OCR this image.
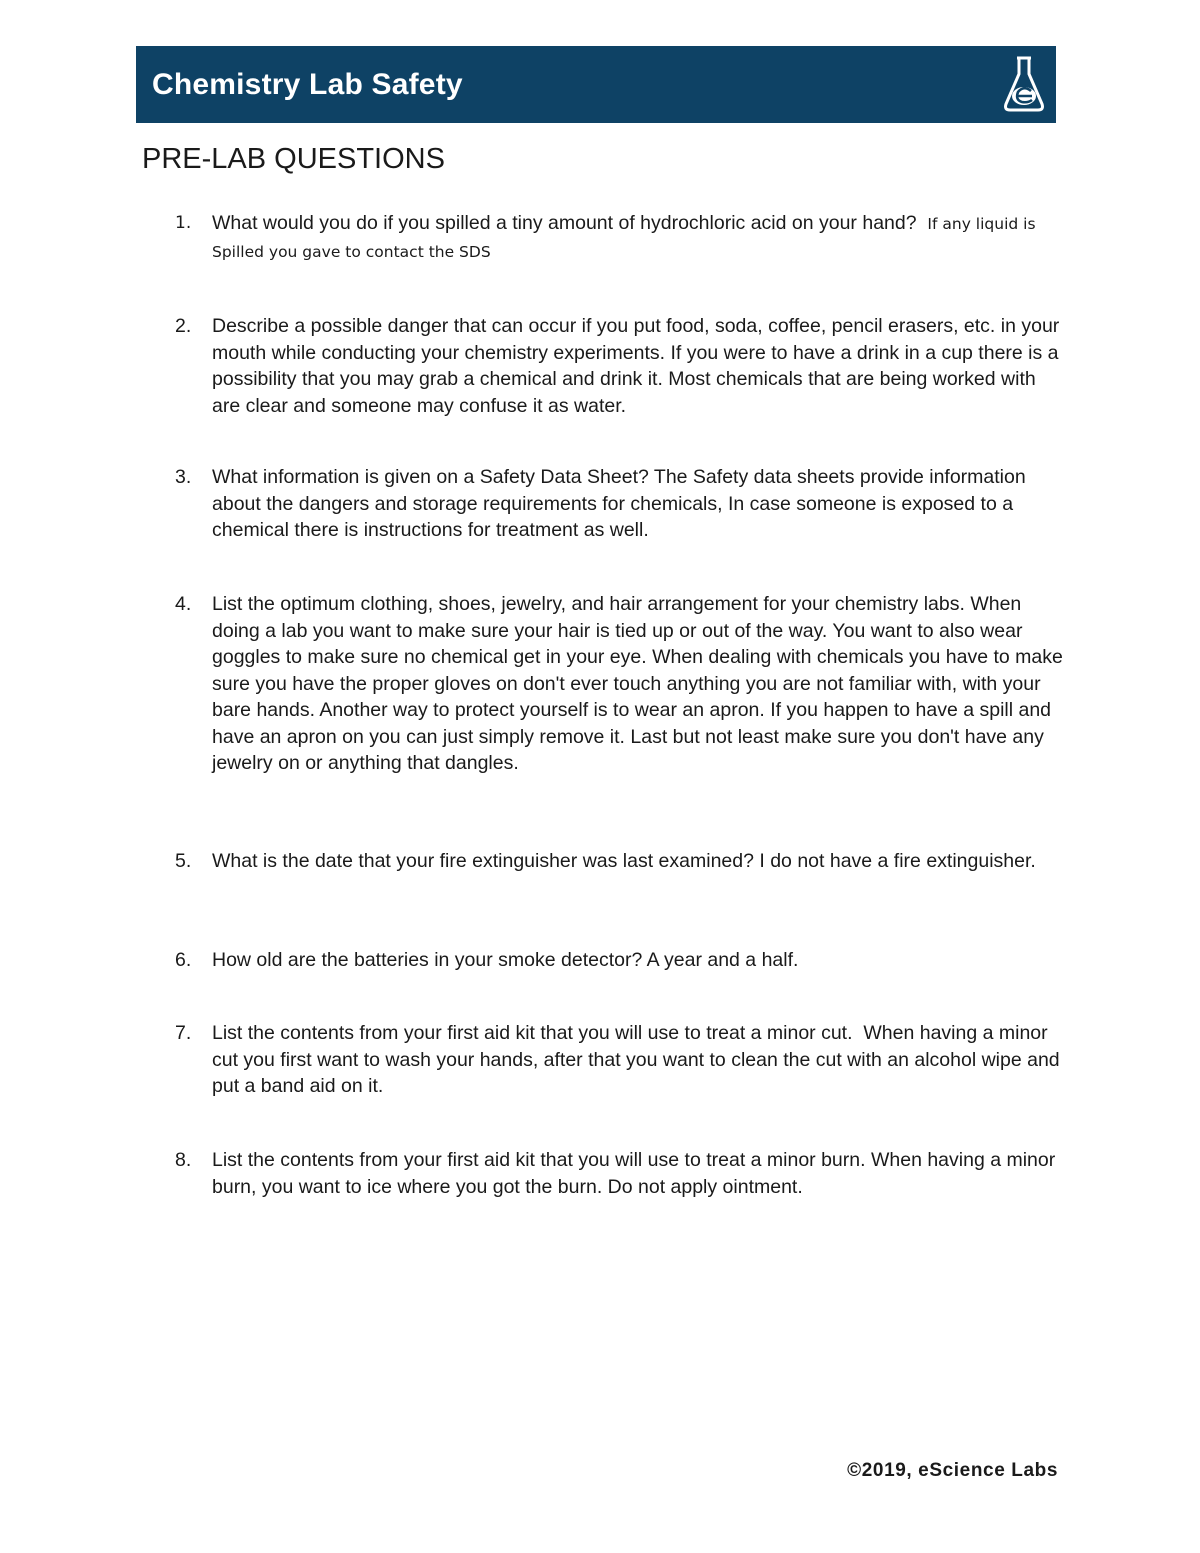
Chemistry Lab Safety
PRE-LAB QUESTIONS
1.	What would you do if you spilled a tiny amount of hydrochloric acid on your hand? If any liquid is Spilled you gave to contact the SDS
2.	Describe a possible danger that can occur if you put food, soda, coffee, pencil erasers, etc. in your mouth while conducting your chemistry experiments. If you were to have a drink in a cup there is a possibility that you may grab a chemical and drink it. Most chemicals that are being worked with are clear and someone may confuse it as water.
3.	What information is given on a Safety Data Sheet? The Safety data sheets provide information about the dangers and storage requirements for chemicals, In case someone is exposed to a chemical there is instructions for treatment as well.
4.	List the optimum clothing, shoes, jewelry, and hair arrangement for your chemistry labs. When doing a lab you want to make sure your hair is tied up or out of the way. You want to also wear goggles to make sure no chemical get in your eye. When dealing with chemicals you have to make sure you have the proper gloves on don't ever touch anything you are not familiar with, with your bare hands. Another way to protect yourself is to wear an apron. If you happen to have a spill and have an apron on you can just simply remove it. Last but not least make sure you don't have any jewelry on or anything that dangles.
5.	What is the date that your fire extinguisher was last examined? I do not have a fire extinguisher.
6.	How old are the batteries in your smoke detector? A year and a half.
7.	List the contents from your first aid kit that you will use to treat a minor cut. When having a minor cut you first want to wash your hands, after that you want to clean the cut with an alcohol wipe and put a band aid on it.
8.	List the contents from your first aid kit that you will use to treat a minor burn. When having a minor burn, you want to ice where you got the burn. Do not apply ointment.
©2019, eScience Labs
